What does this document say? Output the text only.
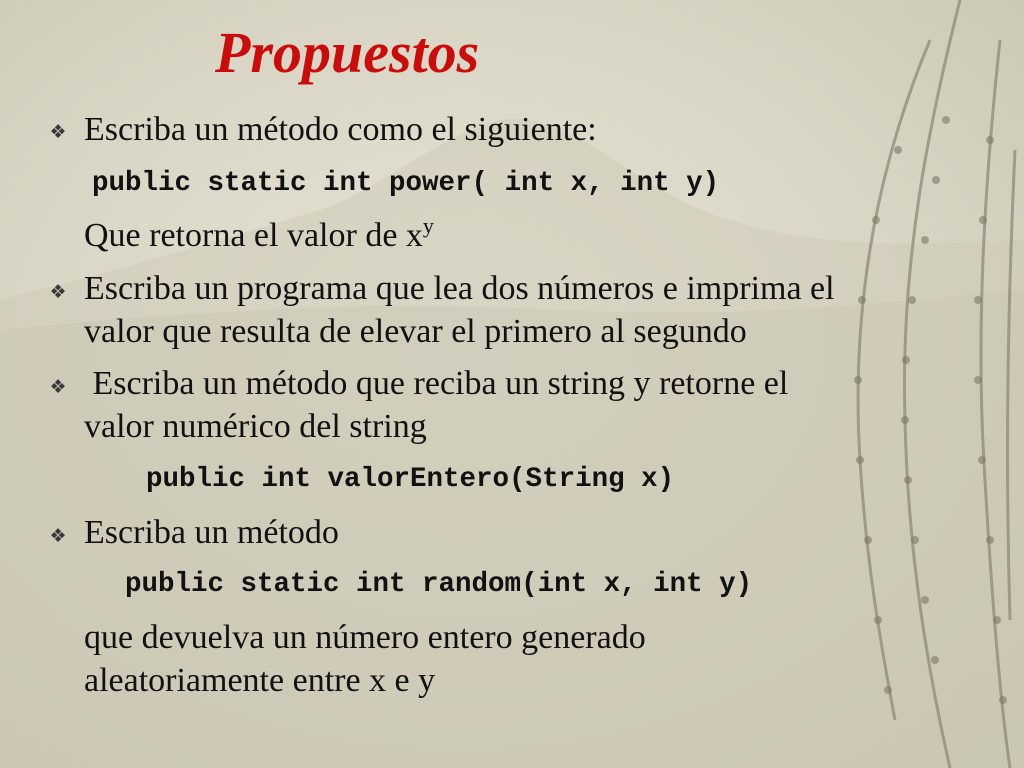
Propuestos
❖ Escriba un método como el siguiente:

public static int power( int x, int y)

Que retorna el valor de $x^y$

❖ Escriba un programa que lea dos números e imprima el

valor que resulta de elevar el primero al segundo

❖ Escriba un método que reciba un string y retorne el

valor numérico del string

public int valorEntero(String x)

❖ Escriba un método

public static int random(int x, int y)

que devuelva un número entero generado

aleatoriamente entre x e y
